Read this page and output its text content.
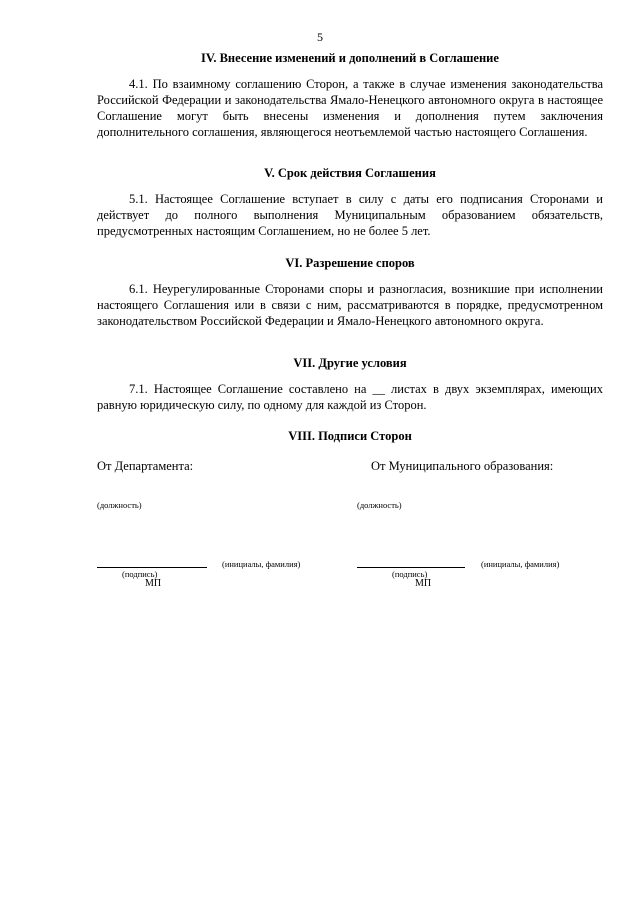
5

IV. Внесение изменений и дополнений в Соглашение

4.1. По взаимному соглашению Сторон, а также в случае изменения законодательства Российской Федерации и законодательства Ямало-Ненецкого автономного округа в настоящее Соглашение могут быть внесены изменения и дополнения путем заключения дополнительного соглашения, являющегося неотъемлемой частью настоящего Соглашения.

V. Срок действия Соглашения

5.1. Настоящее Соглашение вступает в силу с даты его подписания Сторонами и действует до полного выполнения Муниципальным образованием обязательств, предусмотренных настоящим Соглашением, но не более 5 лет.

VI. Разрешение споров

6.1. Неурегулированные Сторонами споры и разногласия, возникшие при исполнении настоящего Соглашения или в связи с ним, рассматриваются в порядке, предусмотренном законодательством Российской Федерации и Ямало-Ненецкого автономного округа.

VII. Другие условия

7.1. Настоящее Соглашение составлено на __ листах в двух экземплярах, имеющих равную юридическую силу, по одному для каждой из Сторон.

VIII. Подписи Сторон

От Департамента:
(должность)
(инициалы, фамилия)
(подпись)
МП
От Муниципального образования:
(должность)
(инициалы, фамилия)
(подпись)
МП
